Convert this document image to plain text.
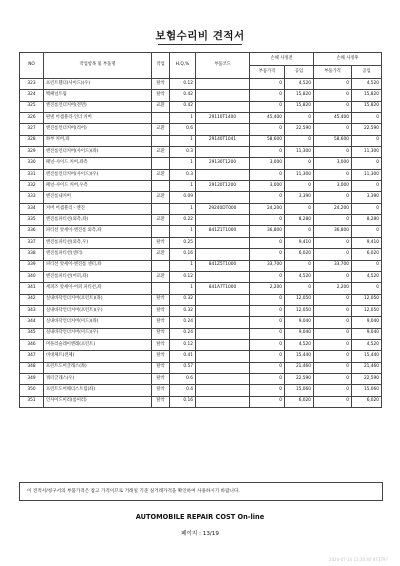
보험수리비 견적서
NO	작업항목 및 부품명	작업	H,Q,%	부품코드	손해 사정전		손해 사정후	
					부품가격	공임	부품가격	공임
323	프런트휀더(사이드)(우)	탈착	0.12		0	4,520	0	4,520
324	백패널트림	탈착	0.42		0	15,820	0	15,820
325	엔진룸언더커버(전면)	교환	0.42		0	15,820	0	15,820
326	판넬 어셈블리-언더 커버		1	29110T1400	45,400	0	45,400	0
327	엔진룸언더커버(리어)	교환	0.6		0	22,590	0	22,590
328	하부 커버,좌		1	29140T1041	58,600	0	58,600	0
329	엔진룸언더커버(사이드)(좌)	교환	0.3		0	11,300	0	11,300
330	패널-사이드 커버,좌측		1	29130T1200	3,000	0	3,000	0
331	엔진룸언더커버(사이드)(우)	교환	0.3		0	11,300	0	11,300
332	패널-사이드 커버,우측		1	29120T1200	3,000	0	3,000	0
333	엔진룸내커버	교환	0.09		0	3,390	0	3,390
334	커버 어셈블리 - 엔진		1	29240DT000	24,200	0	24,200	0
335	엔진룸파티션(외측,좌)	교환	0.22		0	8,280	0	8,280
336	파티션 앗세이-엔진룸 외측,좌		1	841Z1T1000	36,800	0	36,800	0
337	엔진룸파티션(외측,우)	탈착	0.25		0	9,410	0	9,410
338	엔진룸파티션(센터)	교환	0.16		0	6,020	0	6,020
339	파티션 앗세이-엔진룸 센터,좌		1	841Z5T1000	33,700	0	33,700	0
340	엔진룸파티션(어퍼,좌)	교환	0.12		0	4,520	0	4,520
341	세퍼즈 앗세이-어퍼 파티션,좌		1	841A7T1000	2,200	0	2,200	0
342	실내바닥언더커버(프런트)(좌)	탈착	0.32		0	12,050	0	12,050
343	실내바닥언더커버(프런트)(우)	탈착	0.32		0	12,050	0	12,050
344	실내바닥언더커버(미드)(좌)	탈착	0.24		0	9,040	0	9,040
345	실내바닥언더커버(미드)(우)	탈착	0.24		0	9,040	0	9,040
346	머플러슬레이엔레(프런트)	탈착	0.12		0	4,520	0	4,520
347	비대체트(전체)	탈착	0.41		0	15,440	0	15,440
348	프런트도어글래스(좌)	탈착	0.57		0	21,460	0	21,460
349	쿼터글래스(우)	탈착	0.6		0	22,590	0	22,590
350	프런트도어웨더스트립(좌)	탈착	0.4		0	15,060	0	15,060
351	인사이드미러(룸미러)	탈착	0.16		0	6,020	0	6,020
이 견적서/청구서의 부품가격은 참고 가격이므로 거래일 기준 실거래가격을 확인하여 사용하시기 바랍니다.
AUTOMOBILE REPAIR COST On-line
페이지 : 13/19
2024-07-14 13:30:40 871797
